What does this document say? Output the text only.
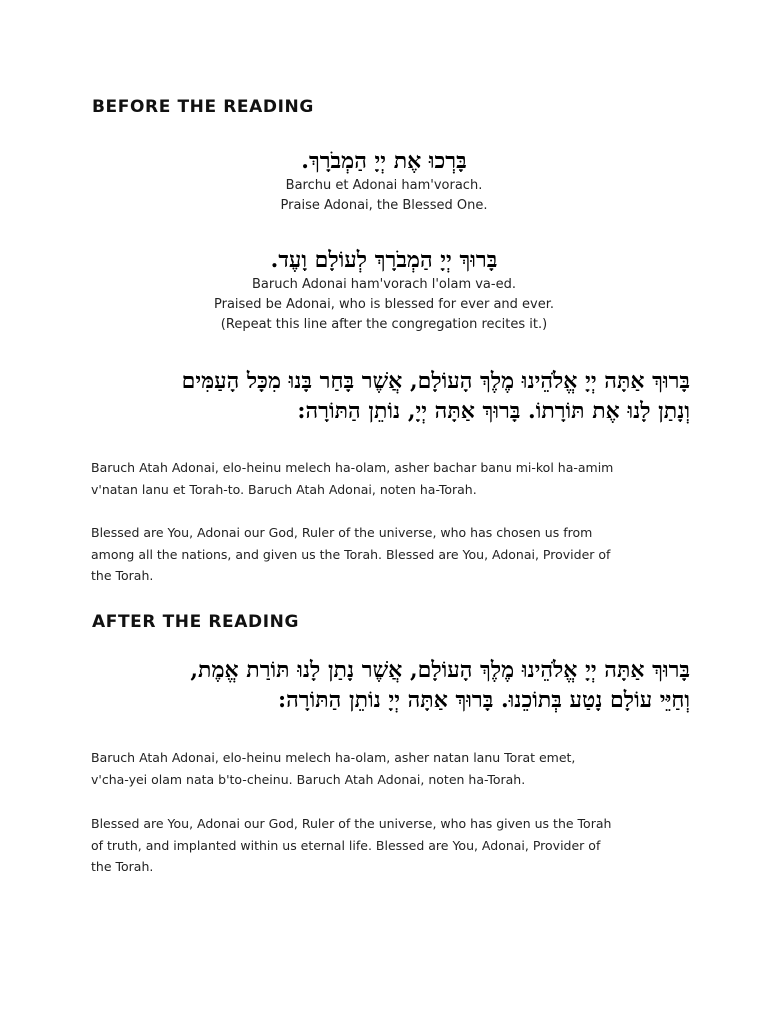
BEFORE THE READING
בָּרְכוּ אֶת יְיָ הַמְבֹרָךְ.
Barchu et Adonai ham'vorach.
Praise Adonai, the Blessed One.
בָּרוּךְ יְיָ הַמְבֹרָךְ לְעוֹלָם וָעֶד.
Baruch Adonai ham'vorach l'olam va-ed.
Praised be Adonai, who is blessed for ever and ever.
(Repeat this line after the congregation recites it.)
בָּרוּךְ אַתָּה יְיָ אֱלֹהֵינוּ מֶלֶךְ הָעוֹלָם, אֲשֶׁר בָּחַר בָּנוּ מִכָּל הָעַמִּים
וְנָתַן לָנוּ אֶת תּוֹרָתוֹ. בָּרוּךְ אַתָּה יְיָ, נוֹתֵן הַתּוֹרָה:

Baruch Atah Adonai, elo-heinu melech ha-olam, asher bachar banu mi-kol ha-amim
v'natan lanu et Torah-to. Baruch Atah Adonai, noten ha-Torah.

Blessed are You, Adonai our God, Ruler of the universe, who has chosen us from
among all the nations, and given us the Torah. Blessed are You, Adonai, Provider of
the Torah.

AFTER THE READING
בָּרוּךְ אַתָּה יְיָ אֱלֹהֵינוּ מֶלֶךְ הָעוֹלָם, אֲשֶׁר נָתַן לָנוּ תּוֹרַת אֱמֶת,
וְחַיֵּי עוֹלָם נָטַע בְּתוֹכֵנוּ. בָּרוּךְ אַתָּה יְיָ נוֹתֵן הַתּוֹרָה:

Baruch Atah Adonai, elo-heinu melech ha-olam, asher natan lanu Torat emet,
v'cha-yei olam nata b'to-cheinu. Baruch Atah Adonai, noten ha-Torah.

Blessed are You, Adonai our God, Ruler of the universe, who has given us the Torah
of truth, and implanted within us eternal life. Blessed are You, Adonai, Provider of
the Torah.
